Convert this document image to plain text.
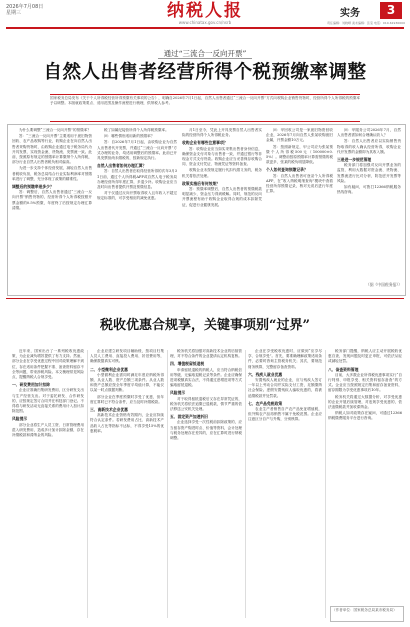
2026年7月08日
星期三	纳税人报
www.chinatax.gov.cn/nsrb
实务	3
责任编辑：刘晓晴 美术编辑：张莹 电话：010-61930000
通过“三流合一反向开票”
自然人出售者经营所得个税预缴率调整
国家税务总局发布《关于个人所得税经营所得预缴有关事项的公告》，明确自2026年7月1日起，自然人出售者通过“三流合一反向开票”方式向收购企业销售货物时，经营所得个人所得税的预缴率予以调整。本版就政策要点、适用范围及操作流程进行梳理，供纳税人参考。

为什么要调整“三流合一反向开票”的预缴率？

答：“三流合一反向开票”主要适用于废旧物资回收、农产品收购等行业，收购企业在向自然人出售者采购货物时，由收购企业通过电子税务局代为开具发票，实现资金流、货物流、发票流一致。此前，按照原有规定的预缴率计算缴纳个人所得税，部分行业自然人出售者税负相对偏高。

为进一步支持个体经营发展，减轻自然人出售者税收负担，税务总局结合行业实际利润率对预缴率进行了调整，充分体现了政策的精准性。

调整后的预缴率是多少？

答：调整后，自然人出售者通过“三流合一反向开票”销售货物的，经营所得个人所得税按照开票金额的0.5%预缴，年度终了后按规定办理汇算清缴。

税了如属纪接营所得个人所得税预缴率。

问：哪些情形适用新的预缴率？

答：自2026年7月1日起，由收购企业为自然人出售者代开发票，并通过“三流合一反向开票”方式办理的业务，均适用调整后的预缴率。此前已开具发票但尚未缴税的，按新规定执行。

自然人出售者如何办理汇算？

答：自然人出售者在取得经营所得的次年3月31日前，通过个人所得税APP或自然人电子税务局办理经营所得年度汇算，多退少补。收购企业应当及时向出售者提供开票及预缴信息。

对于仅通过反向开票取得收入且年收入不超过规定标准的，可享受相应的减免优惠。

月1日至今，凭此上开具发票自然人出售者实际的经营所得个人所得税业务。

收购企业有哪些注意事项？

答：收购企业应当如实采集出售者身份信息，确保资金支付对象与出售者一致，并通过银行等非现金方式支付货款。收购企业应当妥善保存收购合同、资金支付凭证、物流凭证等资料备查。

收购企业未按规定履行代扣代缴义务的，税务机关将依法处理。

政策实施后有何效果？

答：预缴率调整后，自然人出售者的预缴税款明显减少，资金压力得到缓解。同时，规范的反向开票流程有助于收购企业取得合规的成本扣除凭证，促进行业健康发展。

问：甲回收公司是一家废旧物资回收企业，2026年7月向自然人张某收购废旧金属，开票金额10万元。

答：按照新规定，甲公司应为张某预缴个人所得税500元（100000×0.5%）。调整前按原预缴率计算需预缴的税款更多，张某的税负明显降低。

个人如何查询预缴记录？

答：自然人出售者可登录个人所得税APP，在“收入纳税明细查询”模块中查看经营所得预缴记录，核对无误后进行年度汇算。

问：甲服务公司2026年7月，自然人出售者需如何合理确认收入？

答：自然人出售者应以实际销售货物取得的收入确认经营所得，收购企业代开发票的金额即为其收入额。

三是进一步规范管理

税务部门将加强对反向开票业务的监管，利用大数据对资金流、货物流、发票流进行比对分析，防范虚开发票等风险。

如有疑问，可拨打12366纳税服务热线咨询。

（据《中国税务报》）
税收优惠合规享，关键事项别“过界”

近年来，国家出台了一系列税收优惠政策，为企业减负增效提供了有力支持。然而，部分企业在享受优惠过程中因对政策理解不到位，存在适用条件把握不准、备查资料留存不全等问题，带来涉税风险。本文梳理常见风险点，提醒纳税人合规享受。

一、研发费用加计扣除

企业应准确归集研发费用，区分研发支出与生产经营支出。对于委托研发、合作研发的，应按规定签订合同并在科技部门登记。不得将与研发活动无直接关系的费用计入加计扣除范围。

风险提示

部分企业将生产人员工资、日常管理费用混入研发费用，造成多计加计扣除金额，存在补缴税款和滞纳金的风险。

企业应建立研发项目辅助账，按项目归集人员人工费用、直接投入费用、折旧费用等，确保数据真实可核。

二、小型微利企业优惠

小型微利企业需同时满足年度应纳税所得额、从业人数、资产总额三项条件。从业人数和资产总额应按全年季度平均值计算，不能仅以某一时点数据判断。

部分企业在季度预缴时享受了优惠，但年度汇算时已不符合条件，应当及时补缴税款。

三、高新技术企业优惠

高新技术企业资格有效期内，企业应持续符合认定条件。若研发费用占比、高新技术产品收入占比等指标不达标，不得享受15%的优惠税率。

税务机关将加强对高新技术企业的后续管理，对不符合条件的企业提请认定机构复核。

四、增值税留抵退税

申请留抵退税的纳税人，应当符合纳税信用等级、无骗取退税记录等条件。企业应确保进项税额真实合法，不得通过虚增进项等方式骗取留抵退税。

风险提示

对于取得留抵退税后又存在异常凭证的，税务机关将依法追缴已退税款，情节严重的依法移送公安机关处理。

五、固定资产加速折旧

企业选择享受一次性税前扣除政策的，应当留存资产购进时点、价值等资料，会计处理与税务处理存在差异的，应在汇算时进行纳税调整。

企业在享受税收优惠时，应做到“应享尽享、合规享受”。首先，要准确理解政策适用条件，必要时咨询主管税务机关；其次，要规范财务核算，完整留存备查资料。

六、残疾人就业优惠

安置残疾人就业的企业，应与残疾人签订一年以上劳动合同并实际支付工资，足额缴纳社会保险。虚假安置残疾人骗取优惠的，将被追缴税款并处罚款。

七、农产品免税政策

农业生产者销售自产农产品免征增值税，但外购农产品再销售不属于免税范围。企业应注意区分自产与外购，分别核算。

税务部门提醒，纳税人应主动开展税收优惠自查，发现问题及时更正申报，可依法从轻或减轻处罚。

八、备查资料管理

目前，大多数企业所得税优惠事项实行“自行判别、申报享受、相关资料留存备查”的方式。企业应当按照规定归集和留存备查资料，留存期限为享受优惠事项后10年。

税务机关将通过大数据分析，对享受优惠的企业开展后续管理，对违规享受优惠的，依法追缴税款并加收滞纳金。

纳税人如对政策存在疑问，可通过12366纳税缴费服务平台进行咨询。

（作者单位：国家税务总局某市税务局）
